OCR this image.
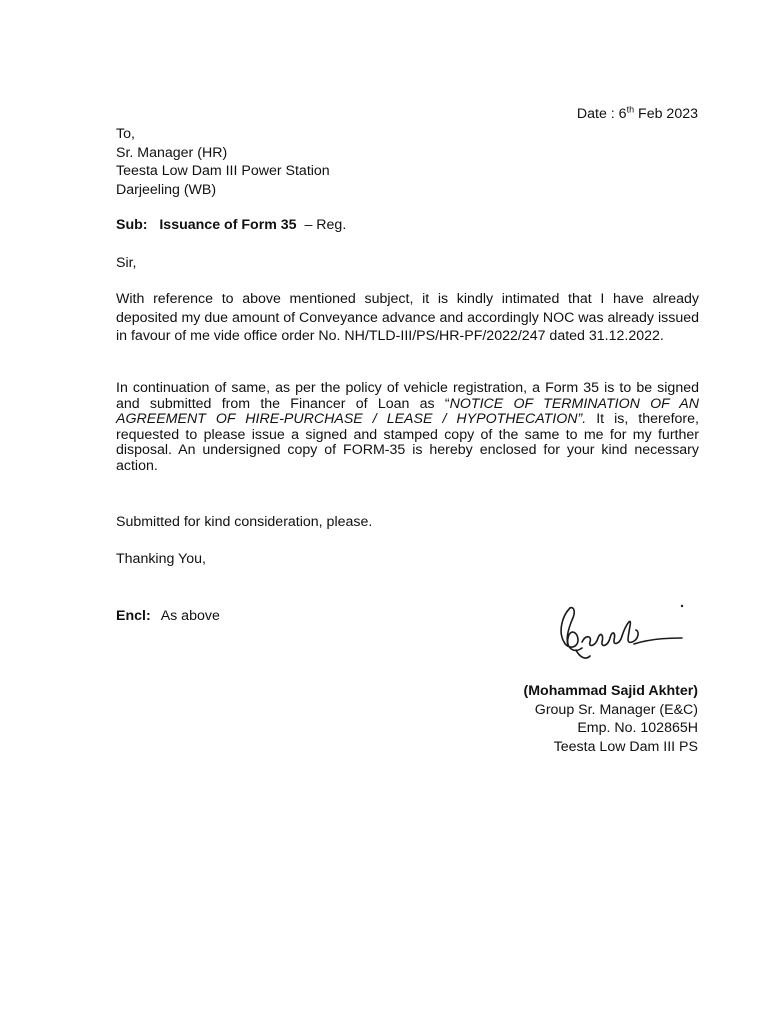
Date : 6th Feb 2023
To,
Sr. Manager (HR)
Teesta Low Dam III Power Station
Darjeeling (WB)
Sub: Issuance of Form 35  – Reg.
Sir,
With reference to above mentioned subject, it is kindly intimated that I have already deposited my due amount of Conveyance advance and accordingly NOC was already issued in favour of me vide office order No. NH/TLD-III/PS/HR-PF/2022/247 dated 31.12.2022.
In continuation of same, as per the policy of vehicle registration, a Form 35 is to be signed and submitted from the Financer of Loan as “NOTICE OF TERMINATION OF AN AGREEMENT OF HIRE-PURCHASE / LEASE / HYPOTHECATION”. It is, therefore, requested to please issue a signed and stamped copy of the same to me for my further disposal. An undersigned copy of FORM-35 is hereby enclosed for your kind necessary action.
Submitted for kind consideration, please.
Thanking You,
Encl: As above
(Mohammad Sajid Akhter)
Group Sr. Manager (E&C)
Emp. No. 102865H
Teesta Low Dam III PS
